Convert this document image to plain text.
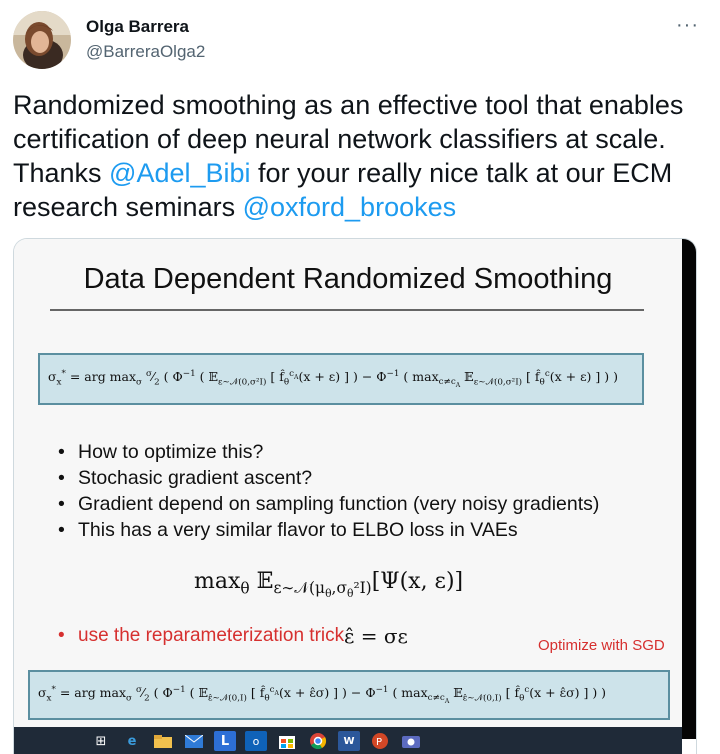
Olga Barrera
@BarreraOlga2
···
Randomized smoothing as an effective tool that enables certification of deep neural network classifiers at scale. Thanks @Adel_Bibi for your really nice talk at our ECM research seminars @oxford_brookes
Data Dependent Randomized Smoothing
$\sigma_x^*$ = arg $\max_\sigma$ $^\sigma⁄_2$ ( $\Phi^{-1}$ ( 𝔼$_{\varepsilon\sim 𝒩(0,\sigma^2I)}$ [ $f̂_\theta^{c_A}(x + \varepsilon)$ ] ) − $\Phi^{-1}$ ( $\max_{c\ne c_A}$ 𝔼$_{\varepsilon\sim 𝒩(0,\sigma^2I)}$ [ $f̂_\theta^c(x + \varepsilon)$ ] ) )
• How to optimize this?
• Stochasic gradient ascent?
• Gradient depend on sampling function (very noisy gradients)
• This has a very similar flavor to ELBO loss in VAEs
$\max_\theta$ 𝔼$_{\varepsilon\sim 𝒩(\mu_\theta,\sigma_\theta^2I)}$[Ψ(x, ε)]
• use the reparameterization trick ε̂ = σε	Optimize with SGD
$\sigma_x^*$ = arg $\max_\sigma$ $^\sigma⁄_2$ ( $\Phi^{-1}$ ( 𝔼$_{\varepsilon̂\sim 𝒩(0,I)}$ [ $f̂_\theta^{c_A}(x$ + ε̂σ) ] ) − $\Phi^{-1}$ ( $\max_{c\ne c_A}$ 𝔼$_{\varepsilon̂\sim 𝒩(0,I)}$ [ $f̂_\theta^c(x$ + ε̂σ) ] ) )
⊞	e	L	o	W	P
